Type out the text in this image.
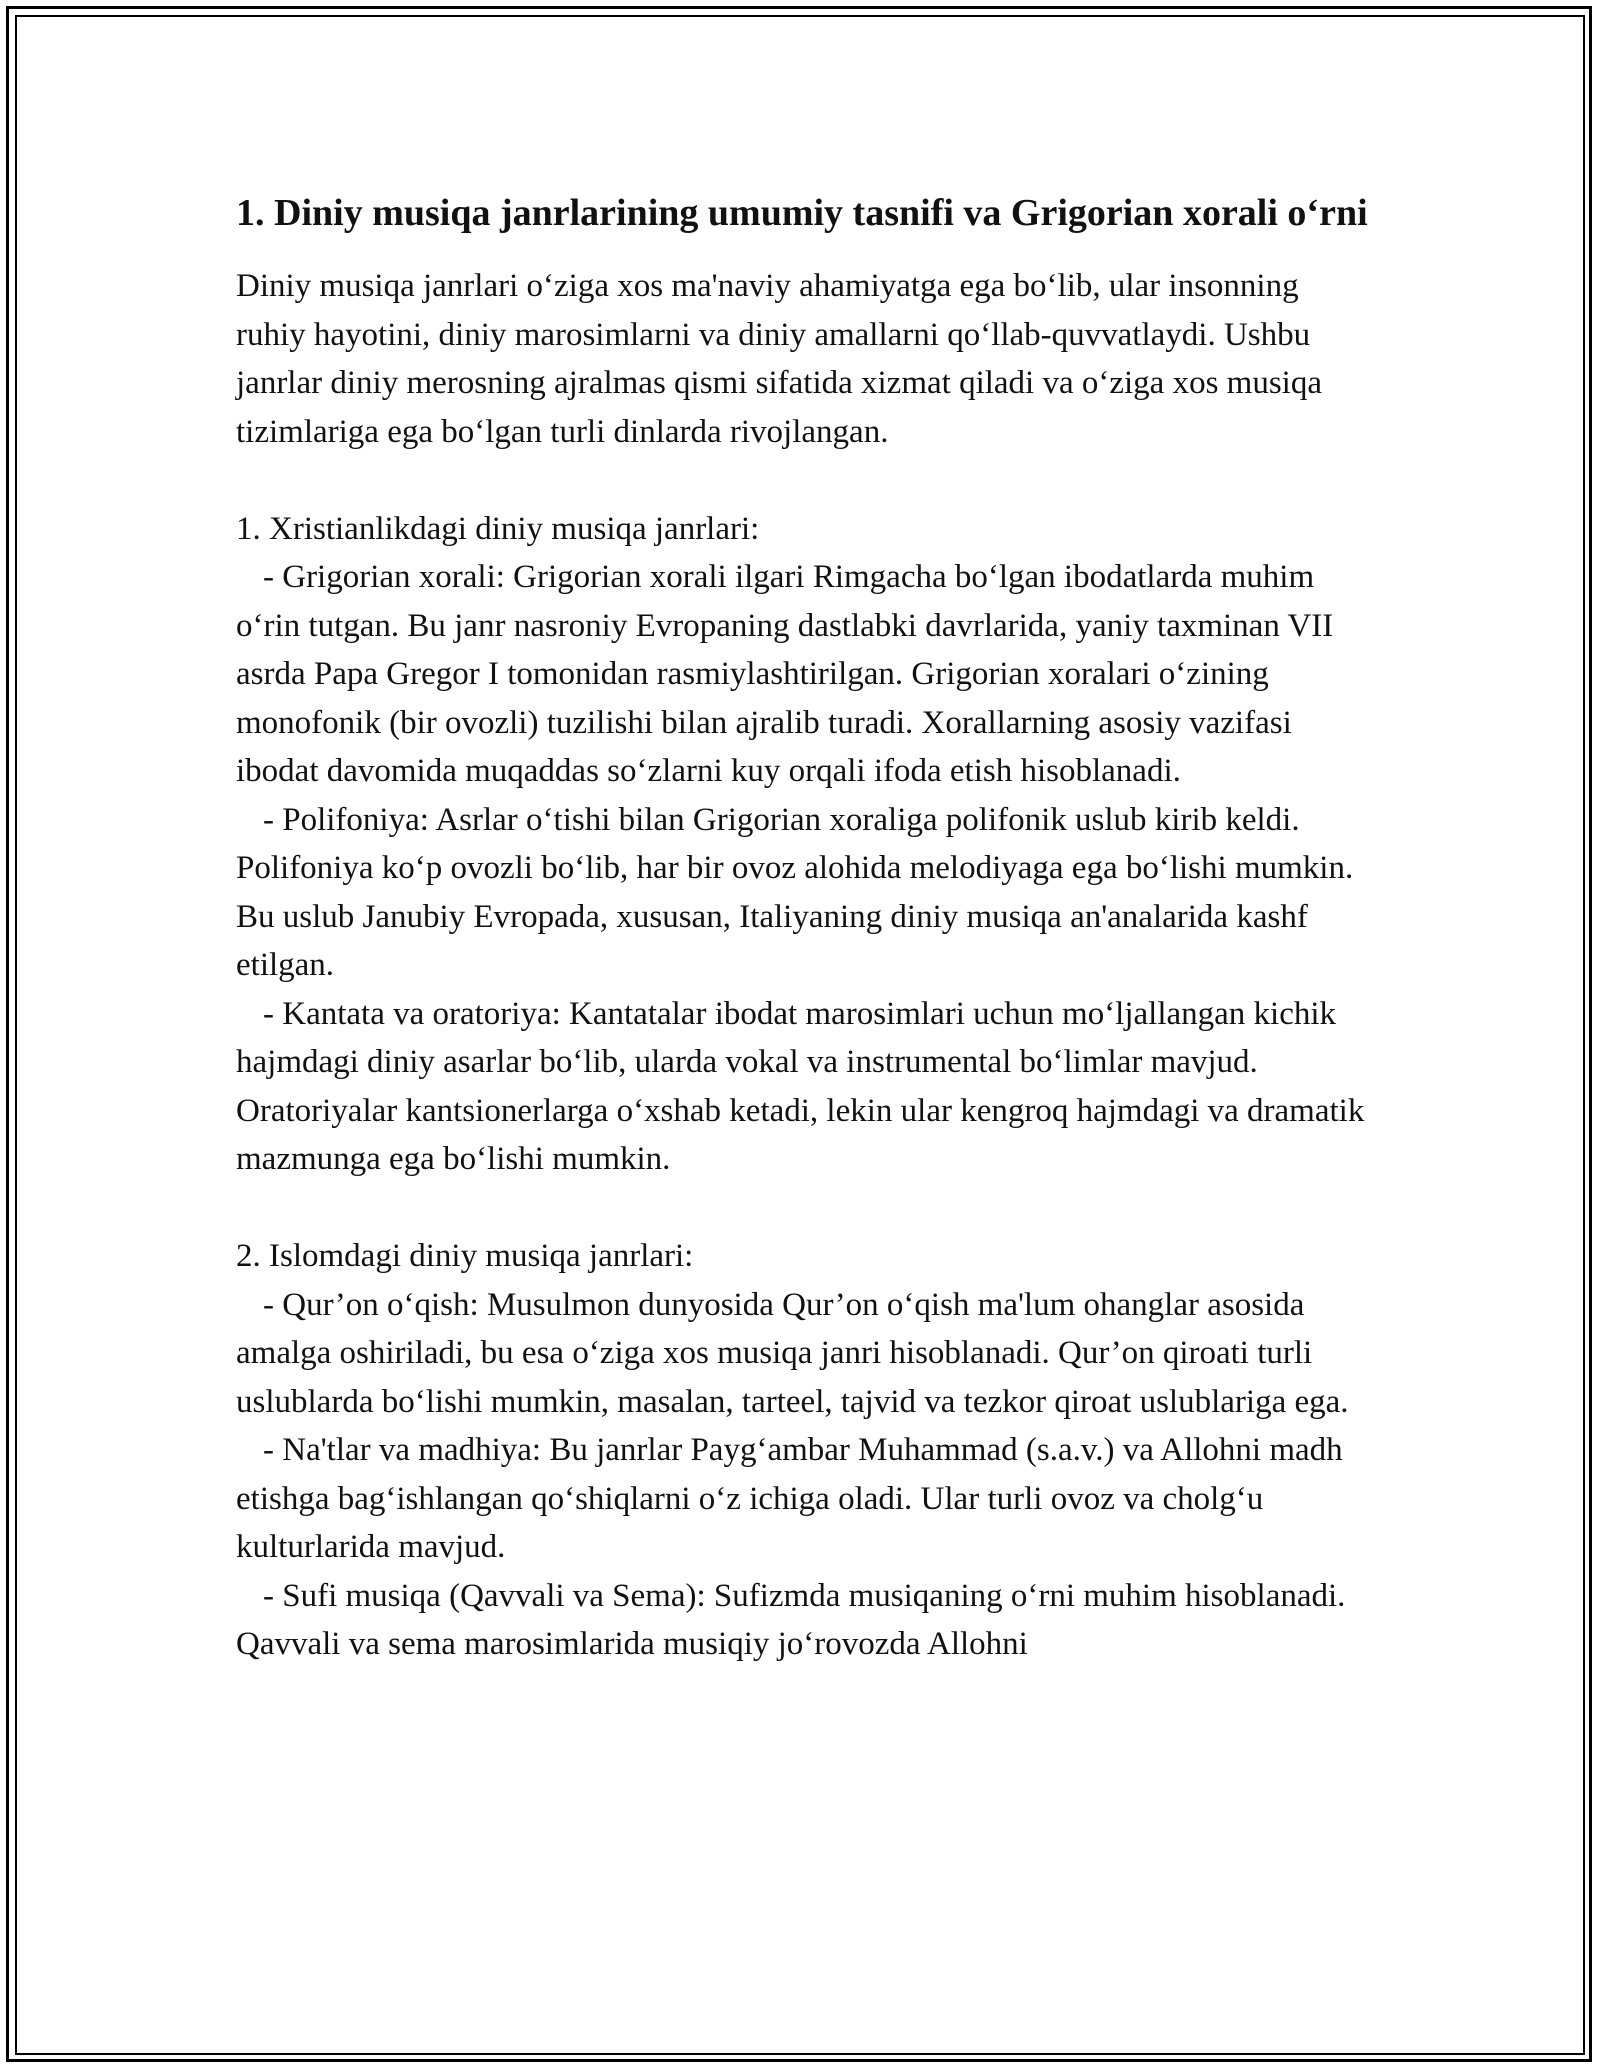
1. Diniy musiqa janrlarining umumiy tasnifi va Grigorian xorali o‘rni

Diniy musiqa janrlari o‘ziga xos ma'naviy ahamiyatga ega bo‘lib, ular insonning ruhiy hayotini, diniy marosimlarni va diniy amallarni qo‘llab-quvvatlaydi. Ushbu janrlar diniy merosning ajralmas qismi sifatida xizmat qiladi va o‘ziga xos musiqa tizimlariga ega bo‘lgan turli dinlarda rivojlangan.

1. Xristianlikdagi diniy musiqa janrlari:

- Grigorian xorali: Grigorian xorali ilgari Rimgacha bo‘lgan ibodatlarda muhim o‘rin tutgan. Bu janr nasroniy Evropaning dastlabki davrlarida, yaniy taxminan VII asrda Papa Gregor I tomonidan rasmiylashtirilgan. Grigorian xoralari o‘zining monofonik (bir ovozli) tuzilishi bilan ajralib turadi. Xorallarning asosiy vazifasi ibodat davomida muqaddas so‘zlarni kuy orqali ifoda etish hisoblanadi.

- Polifoniya: Asrlar o‘tishi bilan Grigorian xoraliga polifonik uslub kirib keldi. Polifoniya ko‘p ovozli bo‘lib, har bir ovoz alohida melodiyaga ega bo‘lishi mumkin. Bu uslub Janubiy Evropada, xususan, Italiyaning diniy musiqa an'analarida kashf etilgan.

- Kantata va oratoriya: Kantatalar ibodat marosimlari uchun mo‘ljallangan kichik hajmdagi diniy asarlar bo‘lib, ularda vokal va instrumental bo‘limlar mavjud. Oratoriyalar kantsionerlarga o‘xshab ketadi, lekin ular kengroq hajmdagi va dramatik mazmunga ega bo‘lishi mumkin.

2. Islomdagi diniy musiqa janrlari:

- Qur’on o‘qish: Musulmon dunyosida Qur’on o‘qish ma'lum ohanglar asosida amalga oshiriladi, bu esa o‘ziga xos musiqa janri hisoblanadi. Qur’on qiroati turli uslublarda bo‘lishi mumkin, masalan, tarteel, tajvid va tezkor qiroat uslublariga ega.

- Na'tlar va madhiya: Bu janrlar Payg‘ambar Muhammad (s.a.v.) va Allohni madh etishga bag‘ishlangan qo‘shiqlarni o‘z ichiga oladi. Ular turli ovoz va cholg‘u kulturlarida mavjud.

- Sufi musiqa (Qavvali va Sema): Sufizmda musiqaning o‘rni muhim hisoblanadi. Qavvali va sema marosimlarida musiqiy jo‘rovozda Allohni
